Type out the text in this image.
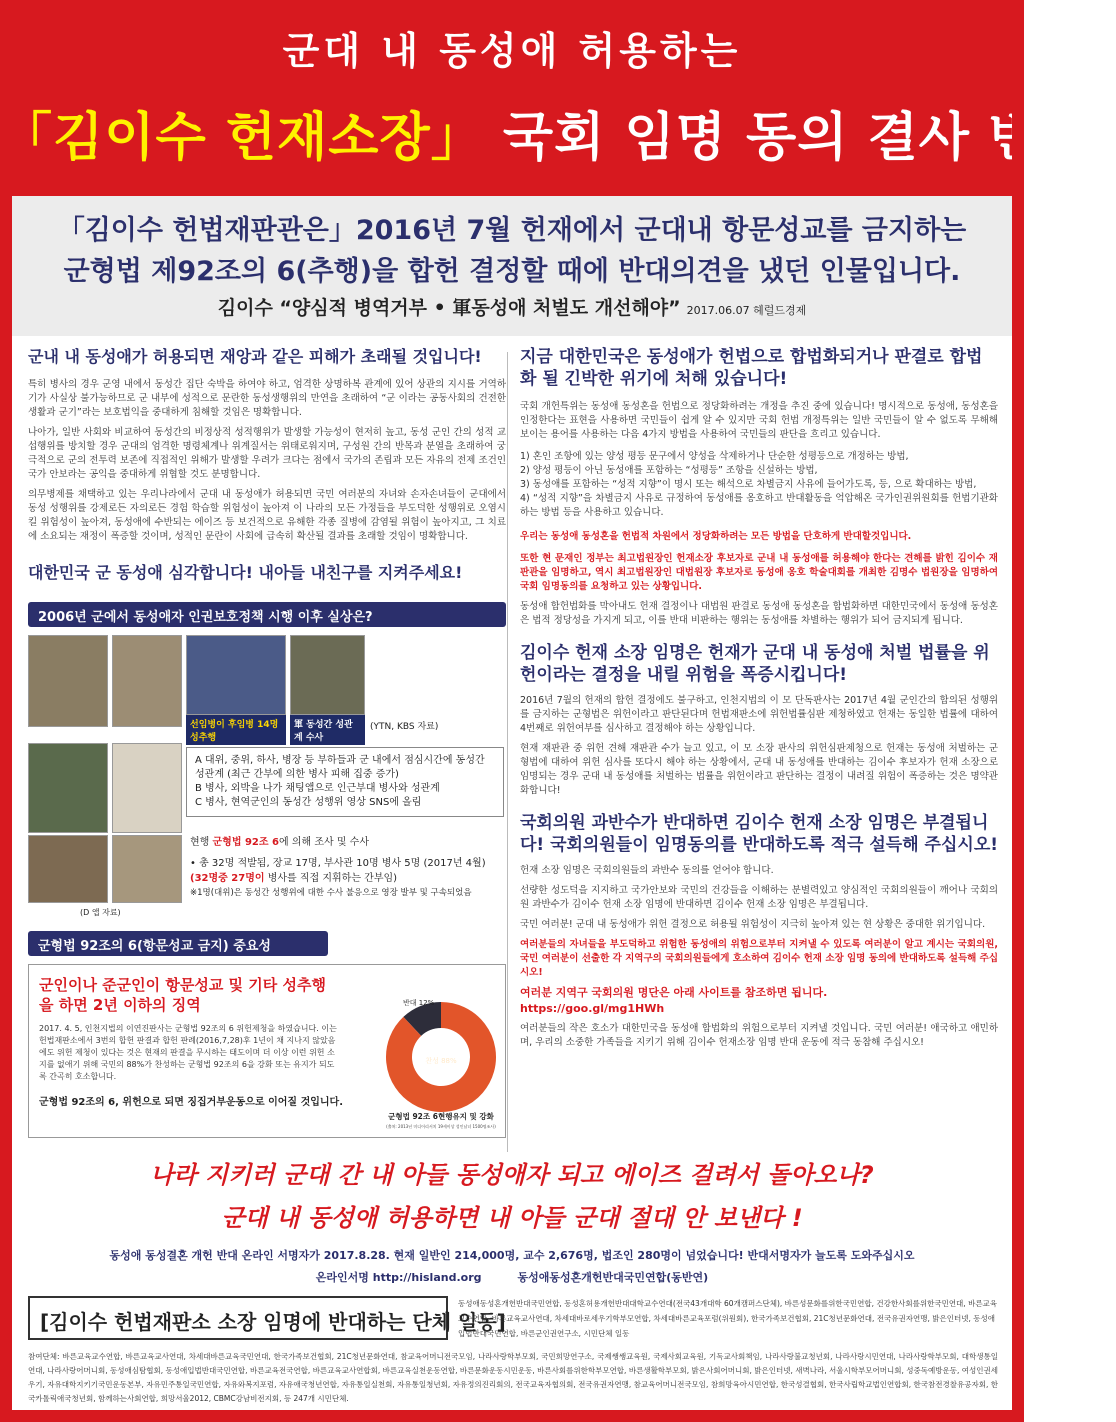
군대 내 동성애 허용하는
「김이수 헌재소장」 국회 임명 동의 결사 반대!
「김이수 헌법재판관은」2016년 7월 헌재에서 군대내 항문성교를 금지하는
군형법 제92조의 6(추행)을 합헌 결정할 때에 반대의견을 냈던 인물입니다.
김이수 “양심적 병역거부 • 軍동성애 처벌도 개선해야” 2017.06.07 헤럴드경제
군내 내 동성애가 허용되면 재앙과 같은 피해가 초래될 것입니다!
특히 병사의 경우 군영 내에서 동성간 집단 숙박을 하여야 하고, 엄격한 상명하복 관계에 있어 상관의 지시를 거역하기가 사실상 불가능하므로 군 내부에 성적으로 문란한 동성생행위의 만연을 초래하여 “군 이라는 공동사회의 건전한 생활과 군기”라는 보호법익을 중대하게 침해할 것임은 명확합니다.
나아가, 일반 사회와 비교하여 동성간의 비정상적 성적행위가 발생할 가능성이 현저히 높고, 동성 군인 간의 성적 교섭행위를 방치할 경우 군대의 엄격한 명령체계나 위계질서는 위태로워지며, 구성원 간의 반목과 분열을 초래하여 궁극적으로 군의 전투력 보존에 직접적인 위해가 발생할 우려가 크다는 점에서 국가의 존립과 모든 자유의 전제 조건인 국가 안보라는 공익을 중대하게 위협할 것도 분명합니다.
의무병제를 채택하고 있는 우리나라에서 군대 내 동성애가 허용되면 국민 여러분의 자녀와 손자손녀들이 군대에서 동성 성행위를 강제로든 자의로든 경험 학습할 위험성이 높아져 이 나라의 모든 가정들을 부도덕한 성행위로 오염시킬 위험성이 높아져, 동성애에 수반되는 에이즈 등 보건적으로 유해한 각종 질병에 감염될 위험이 높아지고, 그 치료에 소요되는 재정이 폭증할 것이며, 성적인 문란이 사회에 급속히 확산될 결과를 초래할 것임이 명확합니다.
대한민국 군 동성애 심각합니다! 내아들 내친구를 지켜주세요!
2006년 군에서 동성애자 인권보호정책 시행 이후 실상은?
선임병이 후임병 14명 성추행
軍 동성간 성관계 수사
(YTN, KBS 자료)
A 대위, 중위, 하사, 병장 등 부하들과 군 내에서 점심시간에 동성간 성관계 (최근 간부에 의한 병사 피해 집중 증가)
B 병사, 외박을 나가 채팅앱으로 인근부대 병사와 성관계
C 병사, 현역군인의 동성간 성행위 영상 SNS에 올림
(D 앱 자료)
현행 군형법 92조 6에 의해 조사 및 수사
• 총 32명 적발됨, 장교 17명, 부사관 10명 병사 5명 (2017년 4월)
(32명중 27명이 병사를 직접 지휘하는 간부임)
※1명(대위)은 동성간 성행위에 대한 수사 불응으로 영장 발부 및 구속되었음
군형법 92조의 6(항문성교 금지) 중요성
군인이나 준군인이 항문성교 및 기타 성추행을 하면 2년 이하의 징역
2017. 4. 5, 인천지법의 이연진판사는 군형법 92조의 6 위헌제청을 하였습니다. 이는 헌법재판소에서 3번의 합헌 판결과 합헌 판례(2016,7,28)후 1년이 채 지나지 않았음에도 위헌 제청이 있다는 것은 현재의 판결을 무시하는 태도이며 더 이상 이런 위헌 소지를 없애기 위해 국민의 88%가 찬성하는 군형법 92조의 6을 강화 또는 유지가 되도록 간곡히 호소합니다.
군형법 92조의 6, 위헌으로 되면 징집거부운동으로 이어질 것입니다.
반대 12%
찬성 88%
군형법 92조 6현행유지 및 강화
(출처: 2013년 미디어리서치 19세이상 성인남녀 1500명조사)
지금 대한민국은 동성애가 헌법으로 합법화되거나 판결로 합법화 될 긴박한 위기에 처해 있습니다!
국회 개헌특위는 동성애 동성혼을 헌법으로 정당화하려는 개정을 추진 중에 있습니다! 명시적으로 동성애, 동성혼을 인정한다는 표현을 사용하면 국민들이 쉽게 알 수 있지만 국회 헌법 개정특위는 일반 국민들이 알 수 없도록 무해해 보이는 용어를 사용하는 다음 4가지 방법을 사용하여 국민들의 판단을 흐리고 있습니다.
1) 혼인 조항에 있는 양성 평등 문구에서 양성을 삭제하거나 단순한 성평등으로 개정하는 방법,
2) 양성 평등이 아닌 동성애를 포함하는 “성평등” 조항을 신설하는 방법,
3) 동성애를 포함하는 “성적 지향”이 명시 또는 해석으로 차별금지 사유에 들어가도록, 등, 으로 확대하는 방법,
4) “성적 지향”을 차별금지 사유로 규정하여 동성애를 옹호하고 반대활동을 억압해온 국가인권위원회를 헌법기관화하는 방법 등을 사용하고 있습니다.
우리는 동성애 동성혼을 헌법적 차원에서 정당화하려는 모든 방법을 단호하게 반대할것입니다.
또한 현 문재인 정부는 최고법원장인 헌재소장 후보자로 군내 내 동성애를 허용해야 한다는 견해를 밝힌 김이수 재판관을 임명하고, 역시 최고법원장인 대법원장 후보자로 동성애 옹호 학술대회를 개최한 김명수 법원장을 임명하여 국회 임명동의를 요청하고 있는 상황입니다.
동성애 합헌법화를 막아내도 헌재 결정이나 대법원 판결로 동성애 동성혼을 합법화하면 대한민국에서 동성애 동성혼은 법적 정당성을 가지게 되고, 이를 반대 비판하는 행위는 동성애를 차별하는 행위가 되어 금지되게 됩니다.
김이수 헌재 소장 임명은 헌재가 군대 내 동성애 처벌 법률을 위헌이라는 결정을 내릴 위험을 폭증시킵니다!
2016년 7월의 헌재의 합헌 결정에도 불구하고, 인천지법의 이 모 단독판사는 2017년 4월 군인간의 합의된 성행위를 금지하는 군형법은 위헌이라고 판단된다며 헌법재판소에 위헌법률심판 제청하였고 헌재는 동일한 법률에 대하여 4번째로 위헌여부를 심사하고 결정해야 하는 상황입니다.
현재 재판관 중 위헌 견해 재판관 수가 늘고 있고, 이 모 소장 판사의 위헌심판제청으로 헌재는 동성애 처벌하는 군 형법에 대하여 위헌 심사를 또다시 해야 하는 상황에서, 군대 내 동성애를 반대하는 김이수 후보자가 헌재 소장으로 임명되는 경우 군대 내 동성애를 처벌하는 법률을 위헌이라고 판단하는 결정이 내려질 위험이 폭증하는 것은 명약관화합니다!
국회의원 과반수가 반대하면 김이수 헌재 소장 임명은 부결됩니다! 국회의원들이 임명동의를 반대하도록 적극 설득해 주십시오!
헌재 소장 임명은 국회의원들의 과반수 동의를 얻어야 합니다.
선량한 성도덕을 지지하고 국가안보와 국민의 건강들을 이해하는 분별력있고 양심적인 국회의원들이 깨어나 국회의원 과반수가 김이수 헌재 소장 임명에 반대하면 김이수 헌재 소장 임명은 부결됩니다.
국민 여러분! 군대 내 동성애가 위헌 결정으로 허용될 위험성이 지극히 높아져 있는 현 상황은 중대한 위기입니다.
여러분들의 자녀들을 부도덕하고 위험한 동성애의 위험으로부터 지켜낼 수 있도록 여러분이 알고 계시는 국회의원, 국민 여러분이 선출한 각 지역구의 국회의원들에게 호소하여 김이수 헌재 소장 임명 동의에 반대하도록 설득해 주십시오!
여러분 지역구 국회의원 명단은 아래 사이트를 참조하면 됩니다.
https://goo.gl/mg1HWh
여러분들의 작은 호소가 대한민국을 동성애 합법화의 위험으로부터 지켜낼 것입니다. 국민 여러분! 애국하고 애민하며, 우리의 소중한 가족들을 지키기 위해 김이수 헌재소장 임명 반대 운동에 적극 동참해 주십시오!
나라 지키러 군대 간 내 아들 동성애자 되고 에이즈 걸려서 돌아오나?
군대 내 동성애 허용하면 내 아들 군대 절대 안 보낸다 !
동성애 동성결혼 개헌 반대 온라인 서명자가 2017.8.28. 현재 일반인 214,000명, 교수 2,676명, 법조인 280명이 넘었습니다! 반대서명자가 늘도록 도와주십시오
온라인서명 http://hisland.org	동성애동성혼개헌반대국민연합(동반연)
[김이수 헌법재판소 소장 임명에 반대하는 단체 일동]
동성애동성혼개헌반대국민연합, 동성혼허용개헌반대대학교수연대(전국43개대학 60개캠퍼스단체), 바른성문화를위한국민연합, 건강한사회를위한국민연대, 바른교육교수연합, 바른교육교사연대, 차세대바로세우기학부모연합, 차세대바른교육포럼(위원회), 한국가족보건협회, 21C청년문화연대, 전국유권자연맹, 밝은인터넷, 동성애입법반대국민연합, 바른군인권연구소, 시민단체 일동
참여단체: 바른교육교수연합, 바른교육교사연대, 차세대바른교육국민연대, 한국가족보건협회, 21C청년문화연대, 참교육어머니전국모임, 나라사랑학부모회, 국민희망연구소, 국제쌩쌩교육원, 국제사회교육원, 기독교사회책임, 나라사랑불교청년회, 나라사랑시민연대, 나라사랑학부모회, 대학생통일연대, 나라사랑어머니회, 동성애심탐협회, 동성애입법반대국민연합, 바른교육전국연합, 바른교육교사연합회, 바른교육실천운동연합, 바른문화운동시민운동, 바른사회를위한학부모연합, 바른생활학부모회, 밝은사회어머니회, 밝은인터넷, 새벽나라, 서울시학부모어머니회, 성중독예방운동, 여성인권세우기, 자유대학지키기국민운동본부, 자유민주통일국민연합, 자유와복지포럼, 자유애국청년연합, 자유통일실천회, 자유통일청년회, 자유정의진리회의, 전국교육자협의회, 전국유권자연맹, 참교육어머니전국모임, 참희망육아시민연합, 한국성결협회, 한국사립학교법인연합회, 한국참전경찰유공자회, 한국카톨릭애국청년회, 함께하는사회연합, 희망서울2012, CBMC강남비전지회, 등 247개 시민단체.
